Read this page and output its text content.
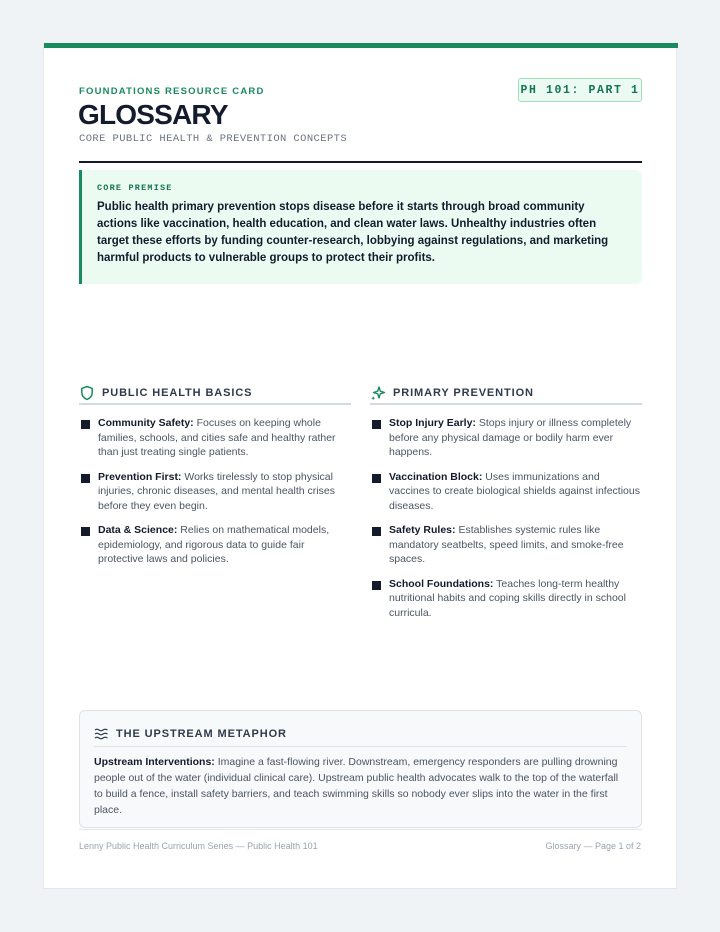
FOUNDATIONS RESOURCE CARD	PH 101: PART 1
GLOSSARY
CORE PUBLIC HEALTH & PREVENTION CONCEPTS
CORE PREMISE
Public health primary prevention stops disease before it starts through broad community actions like vaccination, health education, and clean water laws. Unhealthy industries often target these efforts by funding counter-research, lobbying against regulations, and marketing harmful products to vulnerable groups to protect their profits.
PUBLIC HEALTH BASICS
Community Safety: Focuses on keeping whole families, schools, and cities safe and healthy rather than just treating single patients.
Prevention First: Works tirelessly to stop physical injuries, chronic diseases, and mental health crises before they even begin.
Data & Science: Relies on mathematical models, epidemiology, and rigorous data to guide fair protective laws and policies.
PRIMARY PREVENTION
Stop Injury Early: Stops injury or illness completely before any physical damage or bodily harm ever happens.
Vaccination Block: Uses immunizations and vaccines to create biological shields against infectious diseases.
Safety Rules: Establishes systemic rules like mandatory seatbelts, speed limits, and smoke-free spaces.
School Foundations: Teaches long-term healthy nutritional habits and coping skills directly in school curricula.
THE UPSTREAM METAPHOR
Upstream Interventions: Imagine a fast-flowing river. Downstream, emergency responders are pulling drowning people out of the water (individual clinical care). Upstream public health advocates walk to the top of the waterfall to build a fence, install safety barriers, and teach swimming skills so nobody ever slips into the water in the first place.
Lenny Public Health Curriculum Series — Public Health 101	Glossary — Page 1 of 2
